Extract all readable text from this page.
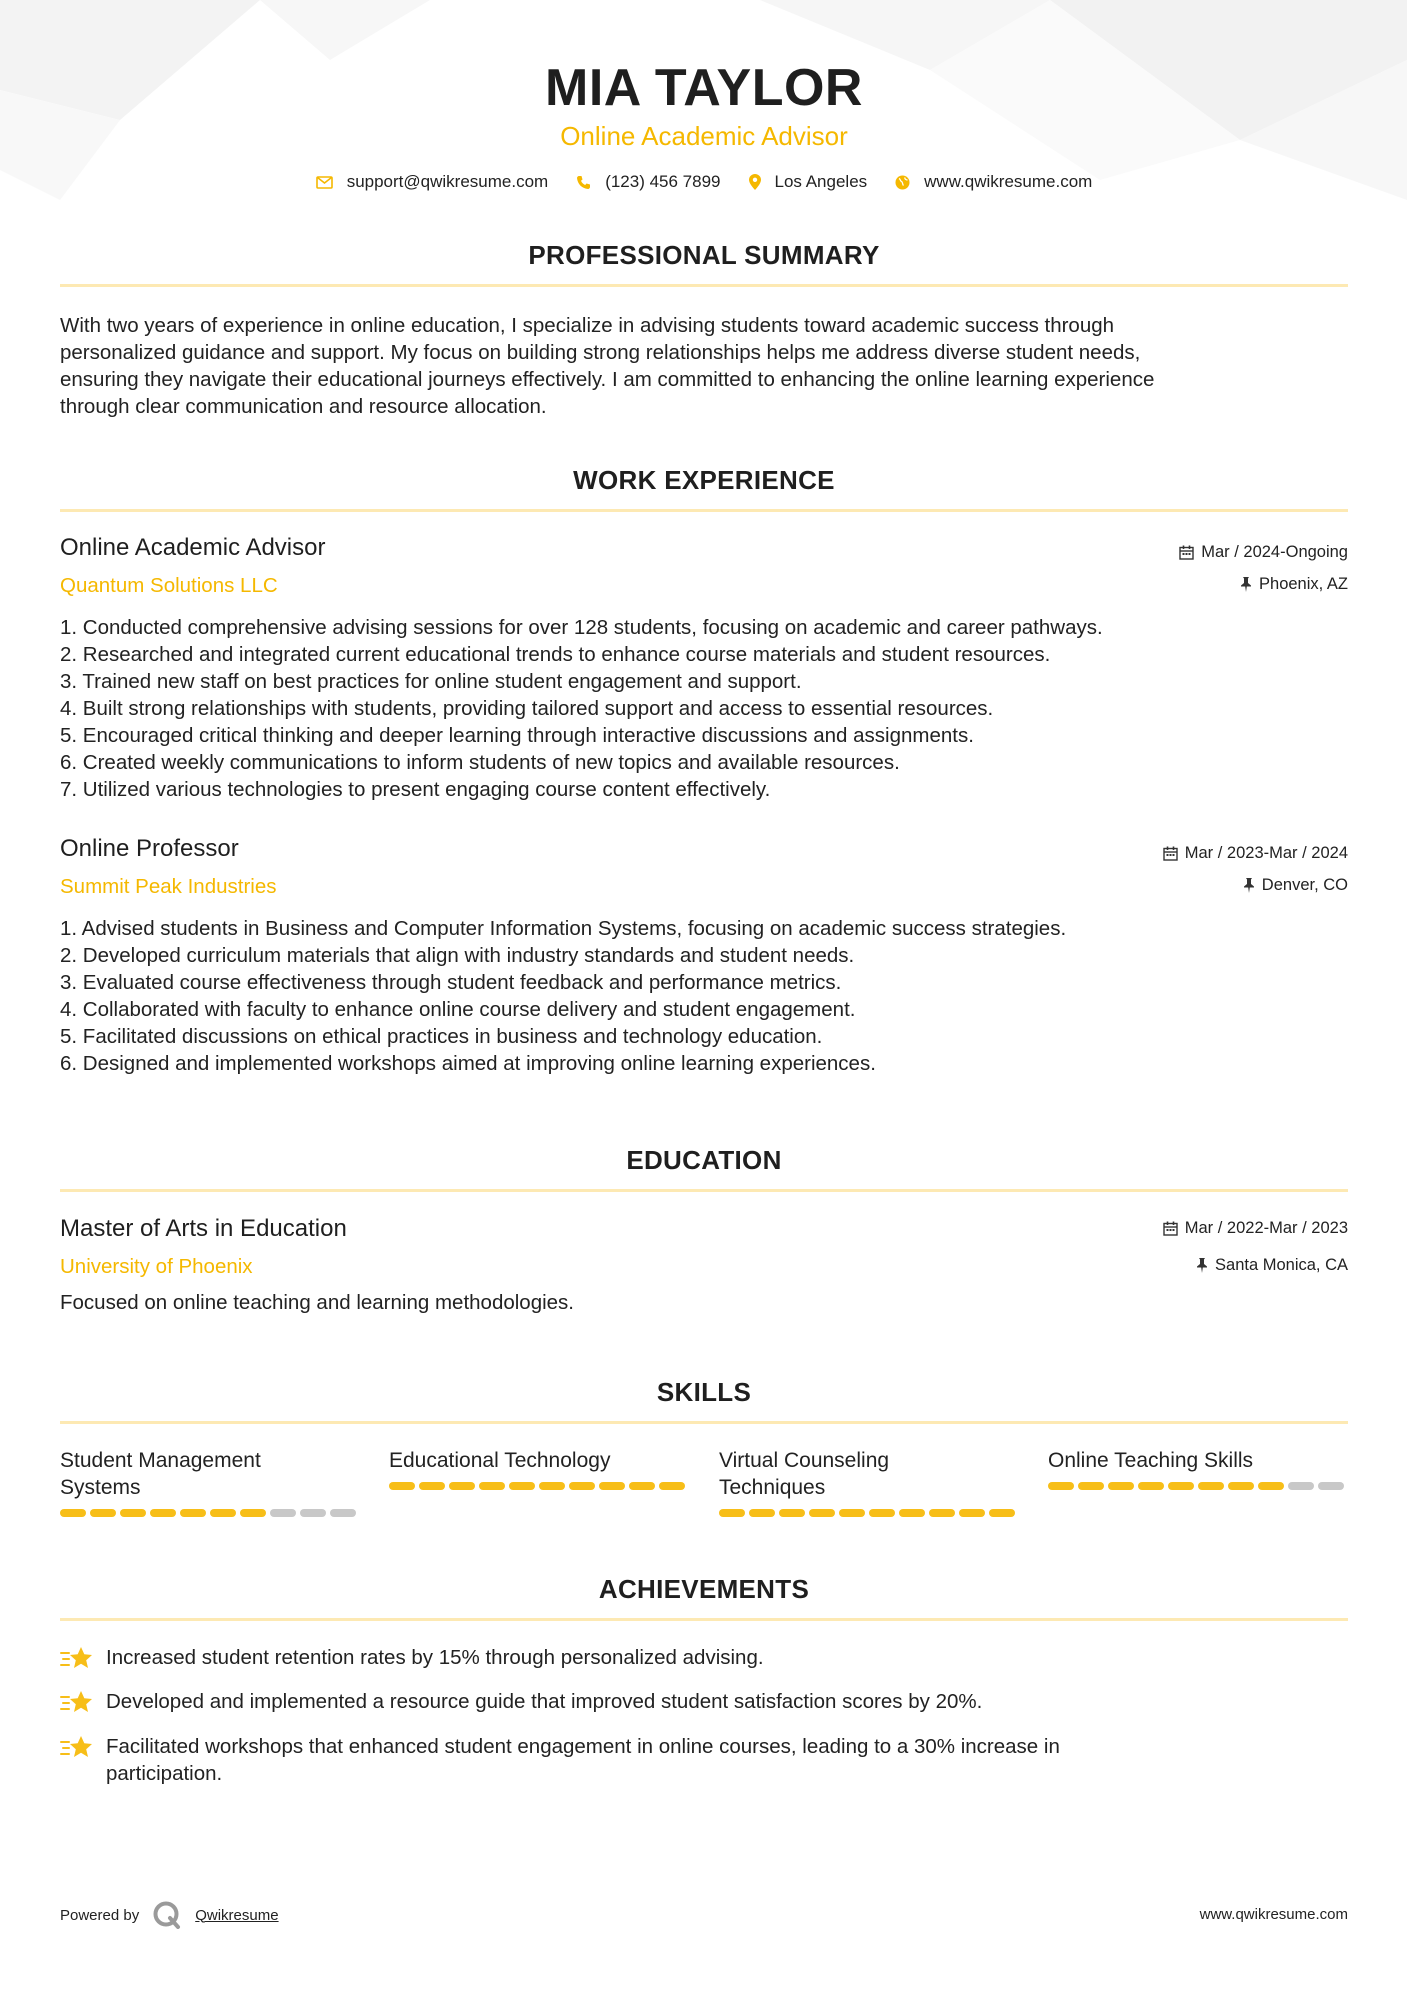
MIA TAYLOR
Online Academic Advisor
support@qwikresume.com	(123) 456 7899	Los Angeles	www.qwikresume.com
PROFESSIONAL SUMMARY
With two years of experience in online education, I specialize in advising students toward academic success through
personalized guidance and support. My focus on building strong relationships helps me address diverse student needs,
ensuring they navigate their educational journeys effectively. I am committed to enhancing the online learning experience
through clear communication and resource allocation.
WORK EXPERIENCE
Online Academic Advisor
Quantum Solutions LLC
Mar / 2024-Ongoing
Phoenix, AZ
1. Conducted comprehensive advising sessions for over 128 students, focusing on academic and career pathways.
2. Researched and integrated current educational trends to enhance course materials and student resources.
3. Trained new staff on best practices for online student engagement and support.
4. Built strong relationships with students, providing tailored support and access to essential resources.
5. Encouraged critical thinking and deeper learning through interactive discussions and assignments.
6. Created weekly communications to inform students of new topics and available resources.
7. Utilized various technologies to present engaging course content effectively.
Online Professor
Summit Peak Industries
Mar / 2023-Mar / 2024
Denver, CO
1. Advised students in Business and Computer Information Systems, focusing on academic success strategies.
2. Developed curriculum materials that align with industry standards and student needs.
3. Evaluated course effectiveness through student feedback and performance metrics.
4. Collaborated with faculty to enhance online course delivery and student engagement.
5. Facilitated discussions on ethical practices in business and technology education.
6. Designed and implemented workshops aimed at improving online learning experiences.
EDUCATION
Master of Arts in Education
University of Phoenix
Mar / 2022-Mar / 2023
Santa Monica, CA
Focused on online teaching and learning methodologies.
SKILLS
Student Management
Systems
Educational Technology	Virtual Counseling
Techniques
Online Teaching Skills
ACHIEVEMENTS
Increased student retention rates by 15% through personalized advising.
Developed and implemented a resource guide that improved student satisfaction scores by 20%.
Facilitated workshops that enhanced student engagement in online courses, leading to a 30% increase in
participation.
Powered by	Qwikresume	www.qwikresume.com
